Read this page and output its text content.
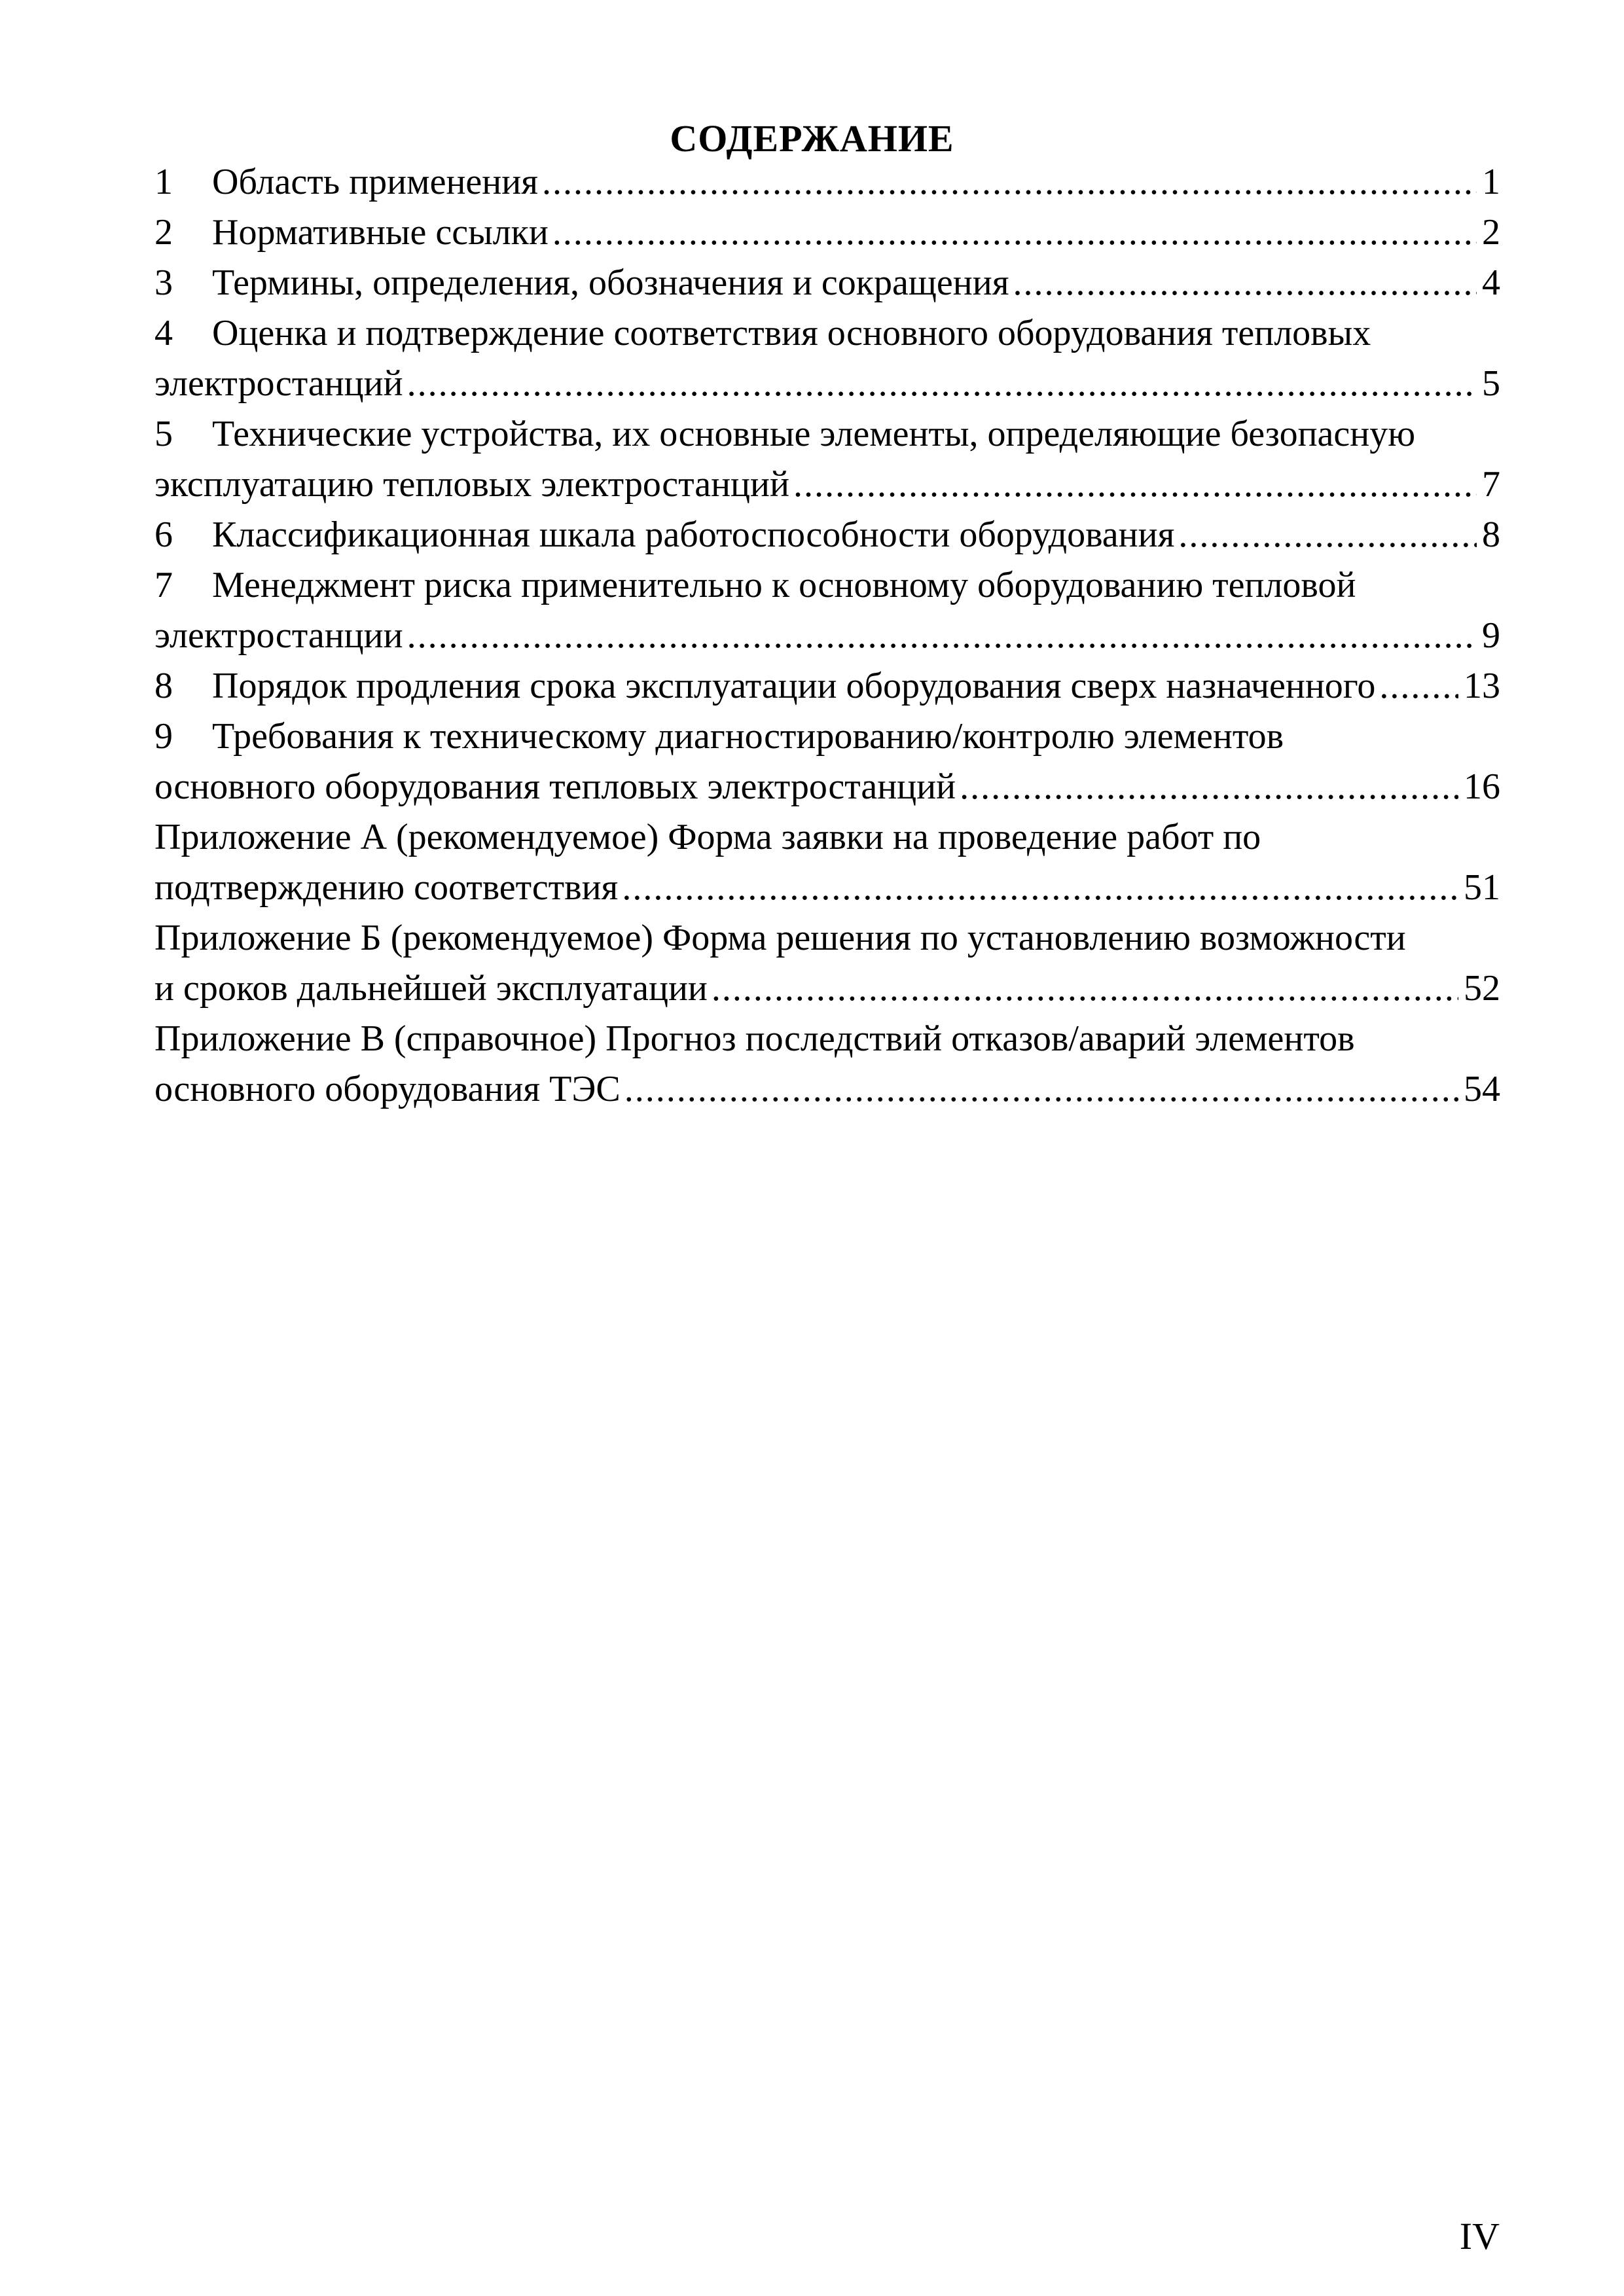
СОДЕРЖАНИЕ
1 Область применения .....	1
2 Нормативные ссылки .....	2
3 Термины, определения, обозначения и сокращения .....	4
4 Оценка и подтверждение соответствия основного оборудования тепловых
электростанций .....	5
5 Технические устройства, их основные элементы, определяющие безопасную
эксплуатацию тепловых электростанций .....	7
6 Классификационная шкала работоспособности оборудования .....	8
7 Менеджмент риска применительно к основному оборудованию тепловой
электростанции .....	9
8 Порядок продления срока эксплуатации оборудования сверх назначенного ..... 13
9 Требования к техническому диагностированию/контролю элементов
основного оборудования тепловых электростанций .....	16
Приложение А (рекомендуемое) Форма заявки на проведение работ по
подтверждению соответствия .....	51
Приложение Б (рекомендуемое) Форма решения по установлению возможности
и сроков дальнейшей эксплуатации .....	52
Приложение В (справочное) Прогноз последствий отказов/аварий элементов
основного оборудования ТЭС .....	54
IV
